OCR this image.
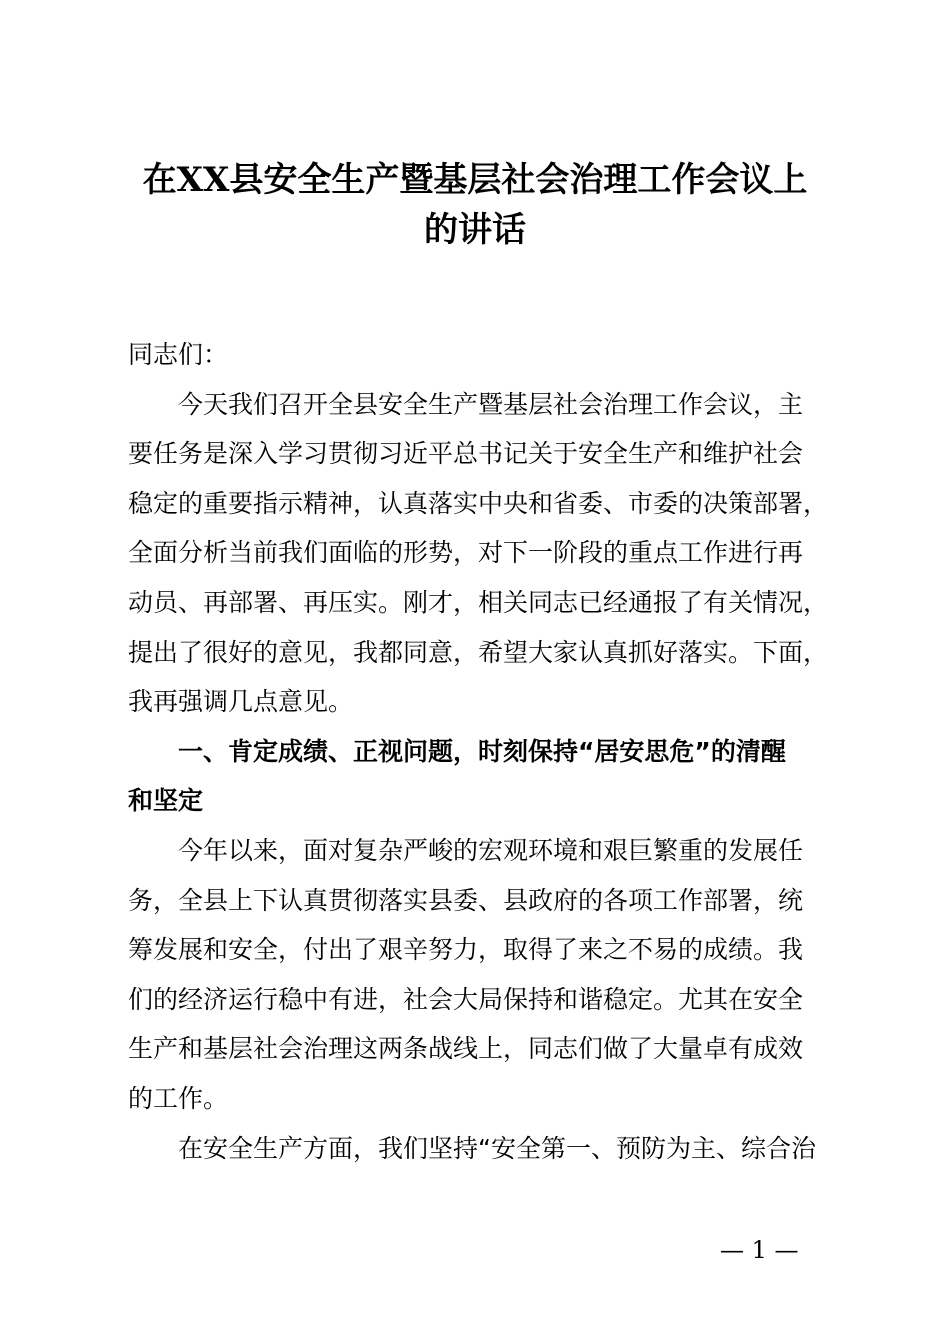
在XX县安全生产暨基层社会治理工作会议上
的讲话
同志们：
今天我们召开全县安全生产暨基层社会治理工作会议，主
要任务是深入学习贯彻习近平总书记关于安全生产和维护社会
稳定的重要指示精神，认真落实中央和省委、市委的决策部署，
全面分析当前我们面临的形势，对下一阶段的重点工作进行再
动员、再部署、再压实。刚才，相关同志已经通报了有关情况，
提出了很好的意见，我都同意，希望大家认真抓好落实。下面，
我再强调几点意见。
一、肯定成绩、正视问题，时刻保持“居安思危”的清醒
和坚定
今年以来，面对复杂严峻的宏观环境和艰巨繁重的发展任
务，全县上下认真贯彻落实县委、县政府的各项工作部署，统
筹发展和安全，付出了艰辛努力，取得了来之不易的成绩。我
们的经济运行稳中有进，社会大局保持和谐稳定。尤其在安全
生产和基层社会治理这两条战线上，同志们做了大量卓有成效
的工作。
在安全生产方面，我们坚持“安全第一、预防为主、综合治
— 1 —
